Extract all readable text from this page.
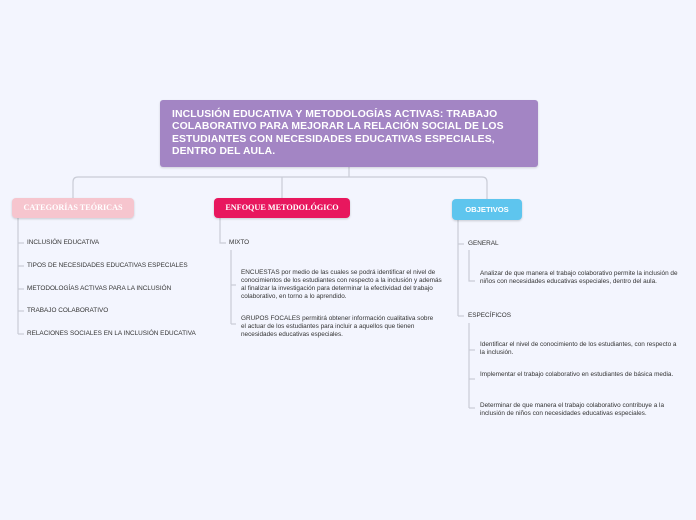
INCLUSIÓN EDUCATIVA Y METODOLOGÍAS ACTIVAS: TRABAJO COLABORATIVO PARA MEJORAR LA RELACIÓN SOCIAL DE LOS ESTUDIANTES CON NECESIDADES EDUCATIVAS ESPECIALES, DENTRO DEL AULA.
CATEGORÍAS TEÓRICAS
INCLUSIÓN EDUCATIVA
TIPOS DE NECESIDADES EDUCATIVAS ESPECIALES
METODOLOGÍAS ACTIVAS PARA LA INCLUSIÓN
TRABAJO COLABORATIVO
RELACIONES SOCIALES EN LA INCLUSIÓN EDUCATIVA
ENFOQUE METODOLÓGICO
MIXTO
ENCUESTAS por medio de las cuales se podrá identificar el nivel de conocimientos de los estudiantes con respecto a la inclusión y además al finalizar la investigación para determinar la efectividad del trabajo colaborativo, en torno a lo aprendido.
GRUPOS FOCALES permitirá obtener información cualitativa sobre el actuar de los estudiantes para incluir a aquellos que tienen necesidades educativas especiales.
OBJETIVOS
GENERAL
Analizar de que manera el trabajo colaborativo permite la inclusión de niños con necesidades educativas especiales, dentro del aula.
ESPECÍFICOS
Identificar el nivel de conocimiento de los estudiantes, con respecto a la inclusión.
Implementar el trabajo colaborativo en estudiantes de básica media.
Determinar de que manera el trabajo colaborativo contribuye a la inclusión de niños con necesidades educativas especiales.
